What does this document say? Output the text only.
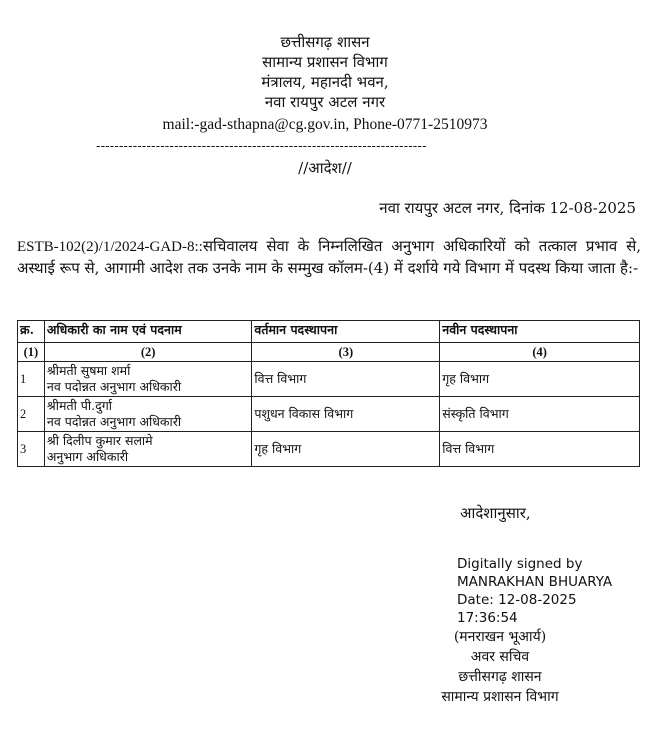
छत्तीसगढ़ शासन
सामान्य प्रशासन विभाग
मंत्रालय, महानदी भवन,
नवा रायपुर अटल नगर
mail:-gad-sthapna@cg.gov.in, Phone-0771-2510973
------------------------------------------------------------------------
//आदेश//
नवा रायपुर अटल नगर, दिनांक 12-08-2025
ESTB-102(2)/1/2024-GAD-8::सचिवालय सेवा के निम्नलिखित अनुभाग अधिकारियों को तत्काल प्रभाव से, अस्थाई रूप से, आगामी आदेश तक उनके नाम के सम्मुख कॉलम-(4) में दर्शाये गये विभाग में पदस्थ किया जाता है:-
क्र.	अधिकारी का नाम एवं पदनाम	वर्तमान पदस्थापना	नवीन पदस्थापना
(1)	(2)	(3)	(4)
1	श्रीमती सुषमा शर्मा
नव पदोन्नत अनुभाग अधिकारी	वित्त विभाग	गृह विभाग
2	श्रीमती पी.दुर्गा
नव पदोन्नत अनुभाग अधिकारी	पशुधन विकास विभाग	संस्कृति विभाग
3	श्री दिलीप कुमार सलामे
अनुभाग अधिकारी	गृह विभाग	वित्त विभाग
आदेशानुसार,
Digitally signed by
MANRAKHAN BHUARYA
Date: 12-08-2025
17:36:54
(मनराखन भूआर्य)
अवर सचिव
छत्तीसगढ़ शासन
सामान्य प्रशासन विभाग
